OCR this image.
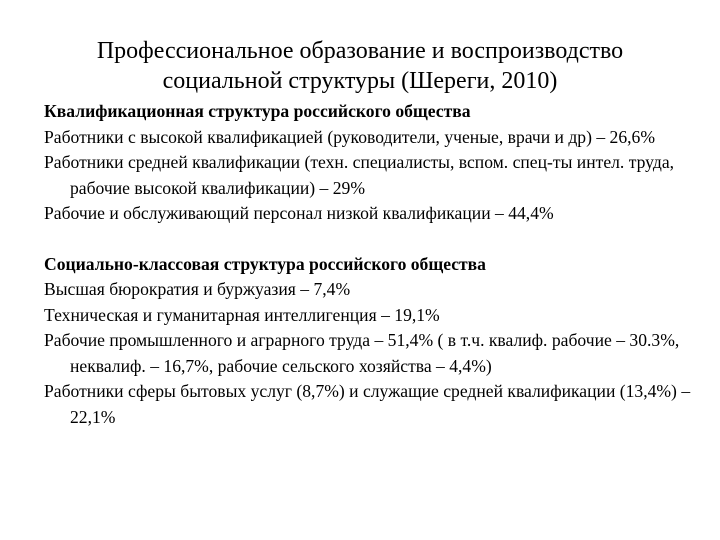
Профессиональное образование и воспроизводство
социальной структуры (Шереги, 2010)
Квалификационная структура российского общества
Работники с высокой квалификацией (руководители, ученые, врачи и др) – 26,6%
Работники средней квалификации (техн. специалисты, вспом. спец-ты интел. труда, рабочие высокой квалификации) – 29%
Рабочие и обслуживающий персонал низкой квалификации – 44,4%
Социально-классовая структура российского общества
Высшая бюрократия и буржуазия – 7,4%
Техническая и гуманитарная интеллигенция – 19,1%
Рабочие промышленного и аграрного труда – 51,4% ( в т.ч. квалиф. рабочие – 30.3%, неквалиф. – 16,7%, рабочие сельского хозяйства – 4,4%)
Работники сферы бытовых услуг (8,7%) и служащие средней квалификации (13,4%) – 22,1%
